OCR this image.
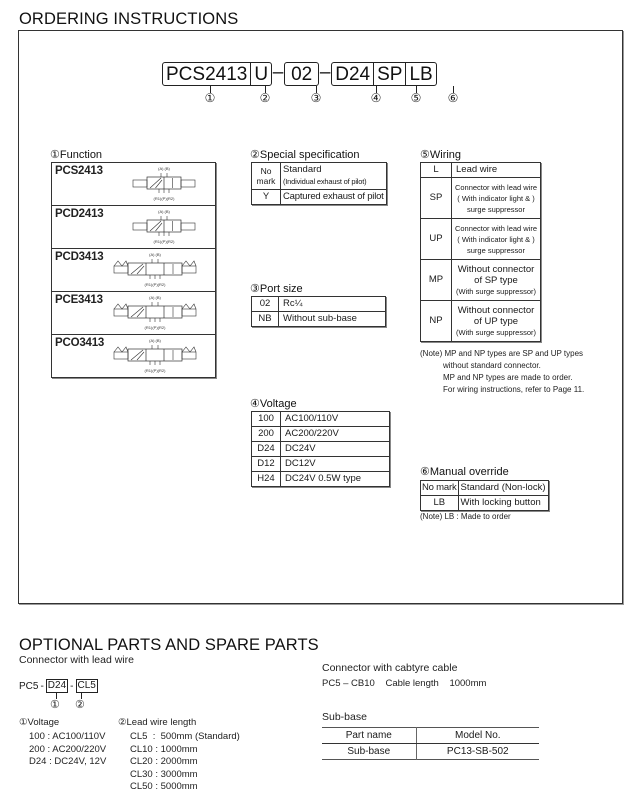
ORDERING INSTRUCTIONS
PCS2413 U – 02 – D24 SP LB
①	②	③	④ ⑤ ⑥
①Function
PCS2413	(A) (B)
(R1)(P)(R2)
PCD2413	(A) (B)
(R1)(P)(R2)
PCD3413	(A) (B)
(R1)(P)(R2)
PCE3413	(A) (B)
(R1)(P)(R2)
PCO3413	(A) (B)
(R1)(P)(R2)
②Special specification
No mark	Standard
(Individual exhaust of pilot)

Y	Captured exhaust of pilot
③Port size
02	Rc¼
NB	Without sub-base
④Voltage
100	AC100/110V
200	AC200/220V
D24	DC24V
D12	DC12V
H24	DC24V 0.5W type
⑤Wiring
L	Lead wire
SP	Connector with lead wire
( With indicator light & )
surge suppressor

UP	Connector with lead wire
( With indicator light & )
surge suppressor

MP	Without connector
of SP type
(With surge suppressor)

NP	Without connector
of UP type
(With surge suppressor)
(Note) MP and NP types are SP and UP types
without standard connector.
MP and NP types are made to order.
For wiring instructions, refer to Page 11.
⑥Manual override
No mark	Standard (Non-lock)
LB	With locking button
(Note) LB : Made to order
OPTIONAL PARTS AND SPARE PARTS
Connector with lead wire
PC5 - D24 - CL5
① ②
①Voltage
100 : AC100/110V
200 : AC200/220V
D24 : DC24V, 12V
②Lead wire length
CL5  :  500mm (Standard)
CL10 : 1000mm
CL20 : 2000mm
CL30 : 3000mm
CL50 : 5000mm
Connector with cabtyre cable
PC5 – CB10 Cable length 1000mm
Sub-base
Part name	Model No.
Sub-base	PC13-SB-502
